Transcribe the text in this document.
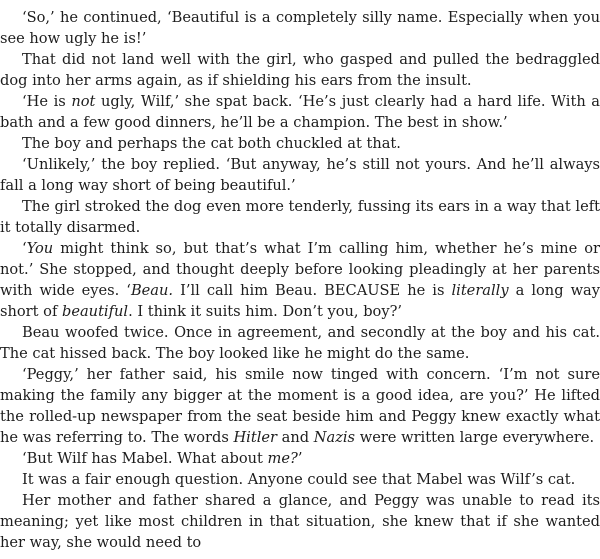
‘So,’ he continued, ‘Beautiful is a completely silly name. Especially when you see how ugly he is!’

That did not land well with the girl, who gasped and pulled the bedraggled dog into her arms again, as if shielding his ears from the insult.

‘He is not ugly, Wilf,’ she spat back. ‘He’s just clearly had a hard life. With a bath and a few good dinners, he’ll be a champion. The best in show.’

The boy and perhaps the cat both chuckled at that.

‘Unlikely,’ the boy replied. ‘But anyway, he’s still not yours. And he’ll always fall a long way short of being beautiful.’

The girl stroked the dog even more tenderly, fussing its ears in a way that left it totally disarmed.

‘You might think so, but that’s what I’m calling him, whether he’s mine or not.’ She stopped, and thought deeply before looking pleadingly at her parents with wide eyes. ‘Beau. I’ll call him Beau. BECAUSE he is literally a long way short of beautiful. I think it suits him. Don’t you, boy?’

Beau woofed twice. Once in agreement, and secondly at the boy and his cat. The cat hissed back. The boy looked like he might do the same.

‘Peggy,’ her father said, his smile now tinged with concern. ‘I’m not sure making the family any bigger at the moment is a good idea, are you?’ He lifted the rolled-up newspaper from the seat beside him and Peggy knew exactly what he was referring to. The words Hitler and Nazis were written large everywhere.

‘But Wilf has Mabel. What about me?’

It was a fair enough question. Anyone could see that Mabel was Wilf’s cat.

Her mother and father shared a glance, and Peggy was unable to read its meaning; yet like most children in that situation, she knew that if she wanted her way, she would need to
